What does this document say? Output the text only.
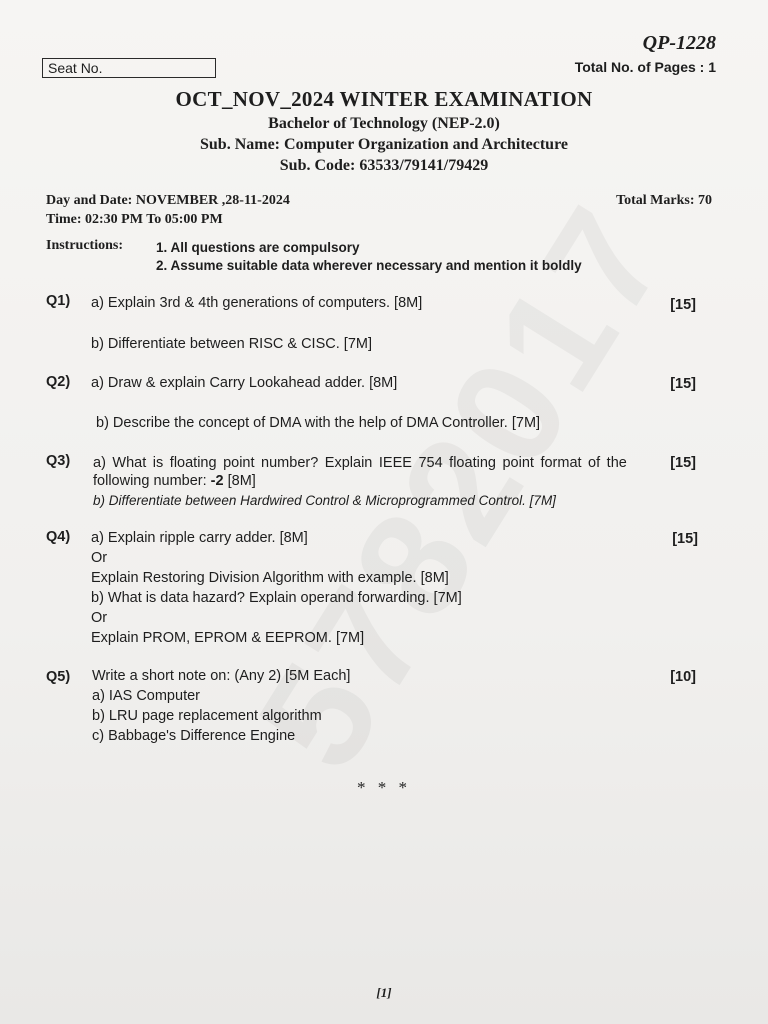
QP-1228
Seat No.	Total No. of Pages : 1
OCT_NOV_2024 WINTER EXAMINATION
Bachelor of Technology (NEP-2.0)
Sub. Name: Computer Organization and Architecture
Sub. Code: 63533/79141/79429
Day and Date: NOVEMBER ,28-11-2024	Total Marks: 70
Time: 02:30 PM To 05:00 PM
Instructions: 1. All questions are compulsory
2. Assume suitable data wherever necessary and mention it boldly
Q1) a) Explain 3rd & 4th generations of computers. [8M]	[15]
b) Differentiate between RISC & CISC. [7M]
Q2) a) Draw & explain Carry Lookahead adder. [8M]	[15]
b) Describe the concept of DMA with the help of DMA Controller. [7M]
Q3) a) What is floating point number? Explain IEEE 754 floating point format of the	[15]
following number: -2 [8M]
b) Differentiate between Hardwired Control & Microprogrammed Control. [7M]
Q4) a) Explain ripple carry adder. [8M]	[15]
Or
Explain Restoring Division Algorithm with example. [8M]
b) What is data hazard? Explain operand forwarding. [7M]
Or
Explain PROM, EPROM & EEPROM. [7M]
Q5) Write a short note on: (Any 2) [5M Each]	[10]
a) IAS Computer
b) LRU page replacement algorithm
c) Babbage's Difference Engine
* * *
[1]
